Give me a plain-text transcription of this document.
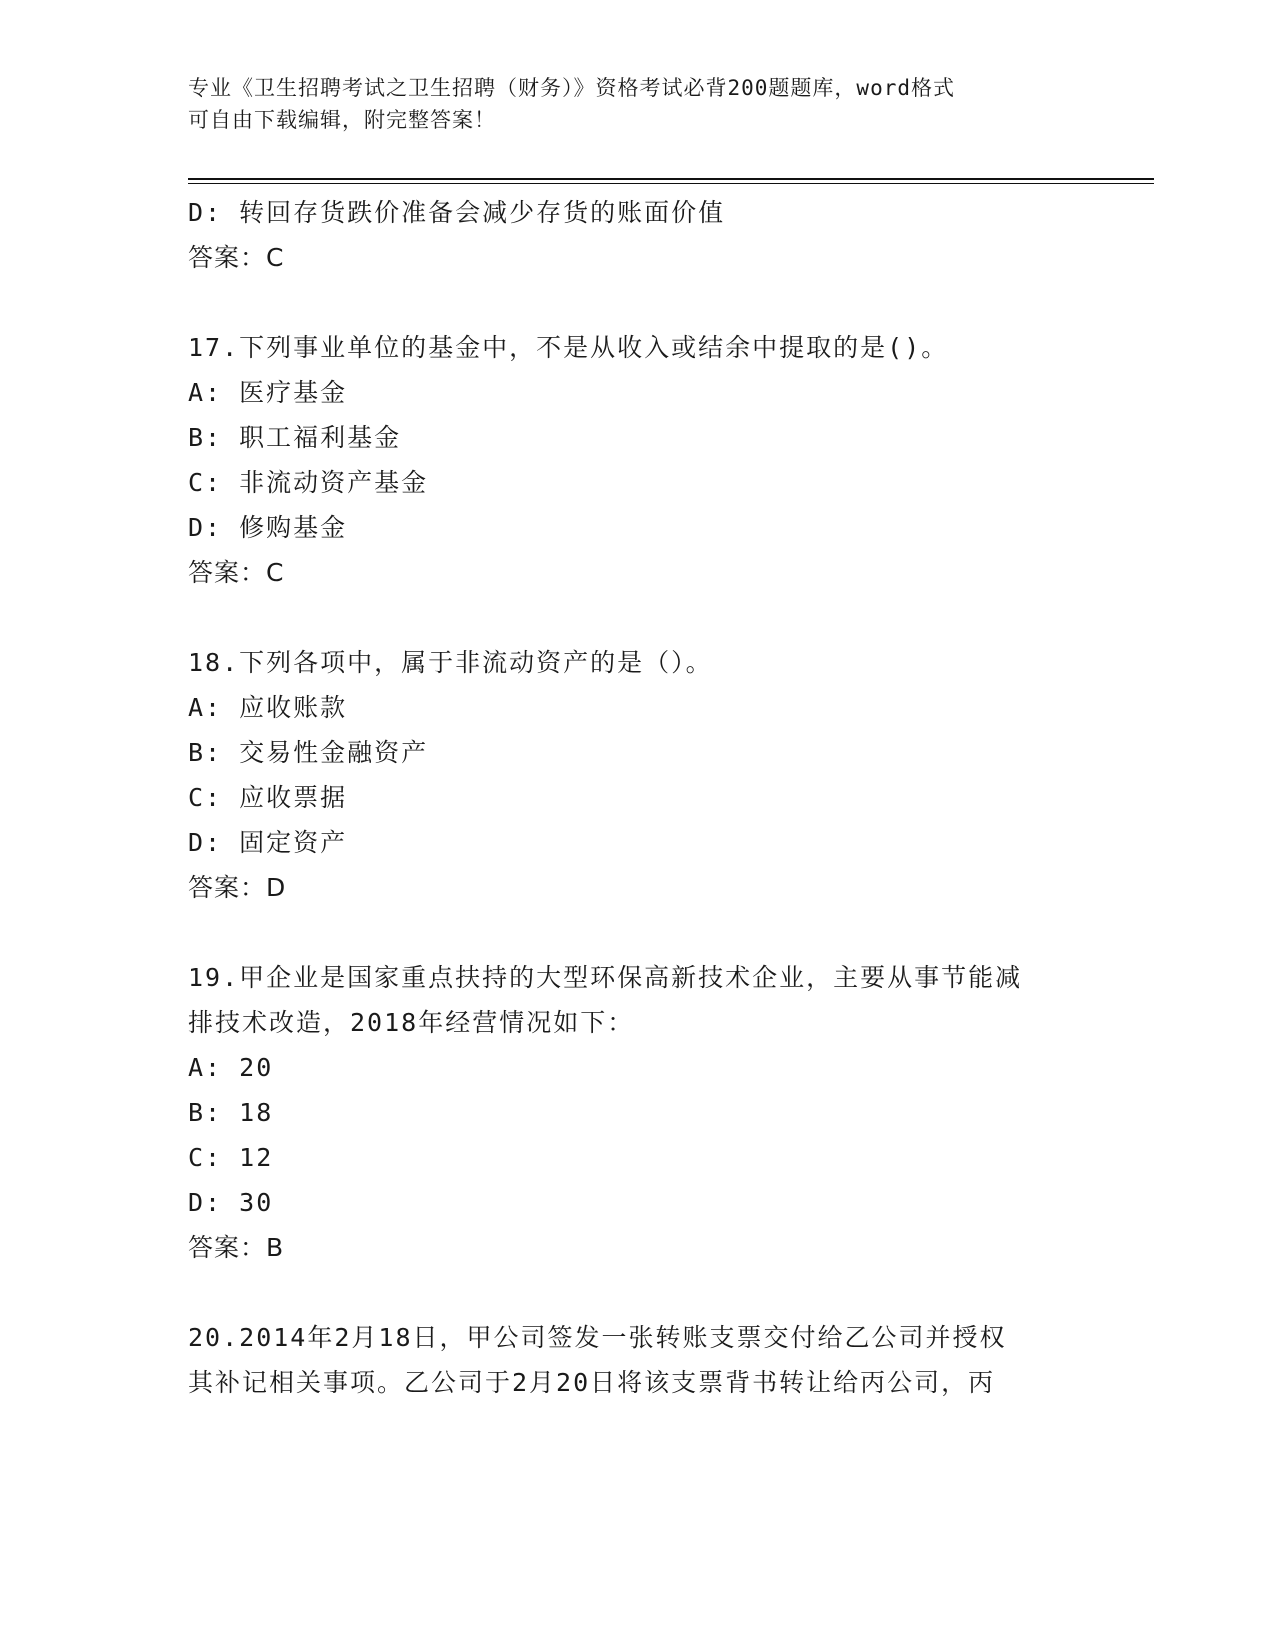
专业《卫生招聘考试之卫生招聘（财务）》资格考试必背200题题库，word格式
可自由下载编辑，附完整答案！
D: 转回存货跌价准备会减少存货的账面价值
答案：C
17.下列事业单位的基金中，不是从收入或结余中提取的是()。
A: 医疗基金
B: 职工福利基金
C: 非流动资产基金
D: 修购基金
答案：C
18.下列各项中，属于非流动资产的是（）。
A: 应收账款
B: 交易性金融资产
C: 应收票据
D: 固定资产
答案：D
19.甲企业是国家重点扶持的大型环保高新技术企业，主要从事节能减
排技术改造，2018年经营情况如下：
A: 20
B: 18
C: 12
D: 30
答案：B
20.2014年2月18日，甲公司签发一张转账支票交付给乙公司并授权
其补记相关事项。乙公司于2月20日将该支票背书转让给丙公司，丙
